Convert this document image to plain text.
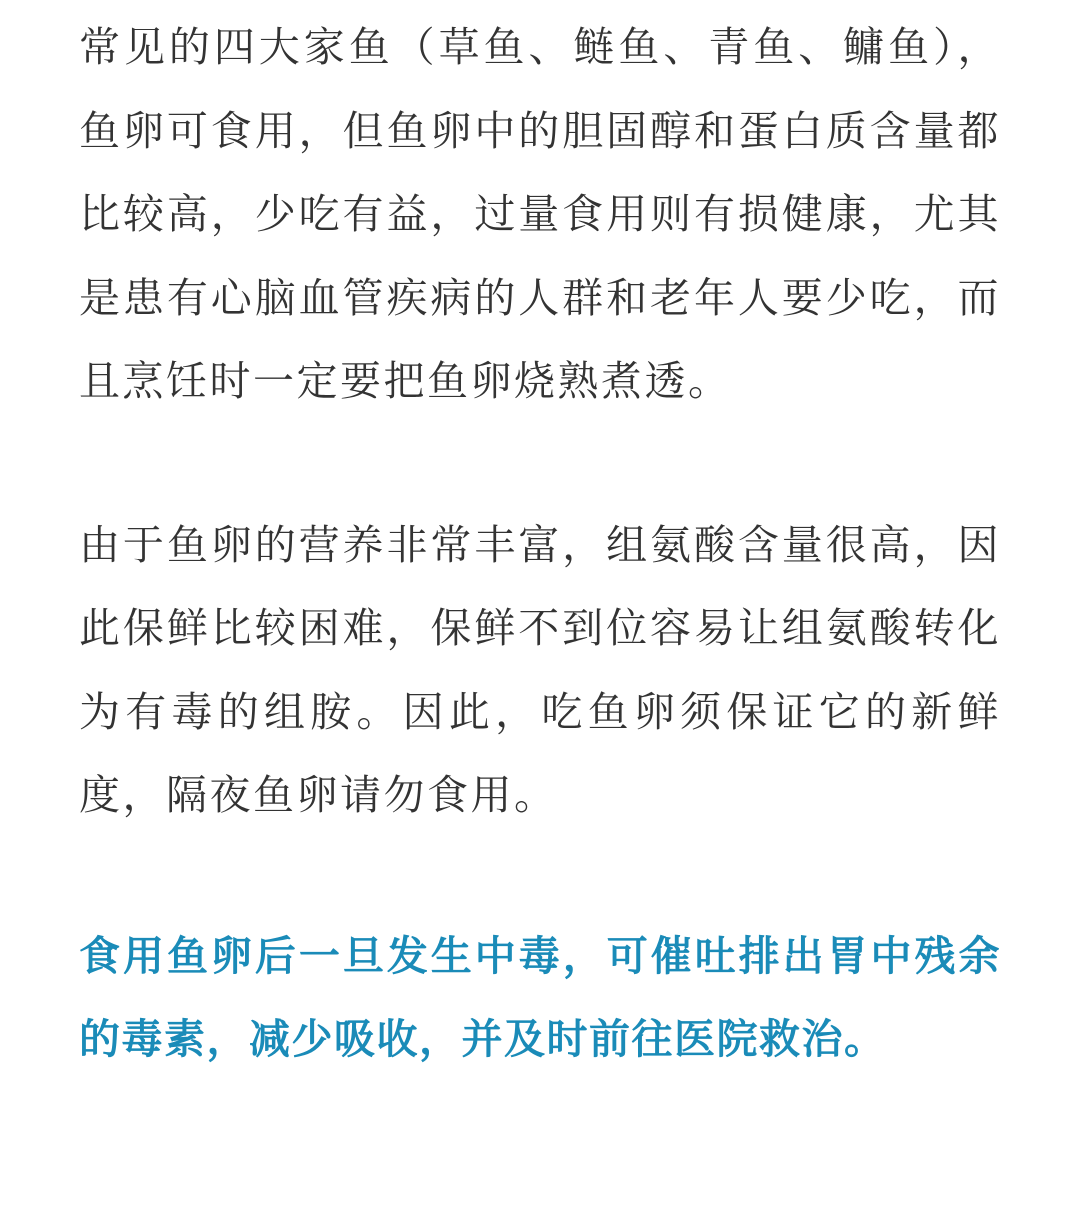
常见的四大家鱼（草鱼、鲢鱼、青鱼、鳙鱼），鱼卵可食用，但鱼卵中的胆固醇和蛋白质含量都比较高，少吃有益，过量食用则有损健康，尤其是患有心脑血管疾病的人群和老年人要少吃，而且烹饪时一定要把鱼卵烧熟煮透。

由于鱼卵的营养非常丰富，组氨酸含量很高，因此保鲜比较困难，保鲜不到位容易让组氨酸转化为有毒的组胺。因此，吃鱼卵须保证它的新鲜度，隔夜鱼卵请勿食用。

食用鱼卵后一旦发生中毒，可催吐排出胃中残余的毒素，减少吸收，并及时前往医院救治。
